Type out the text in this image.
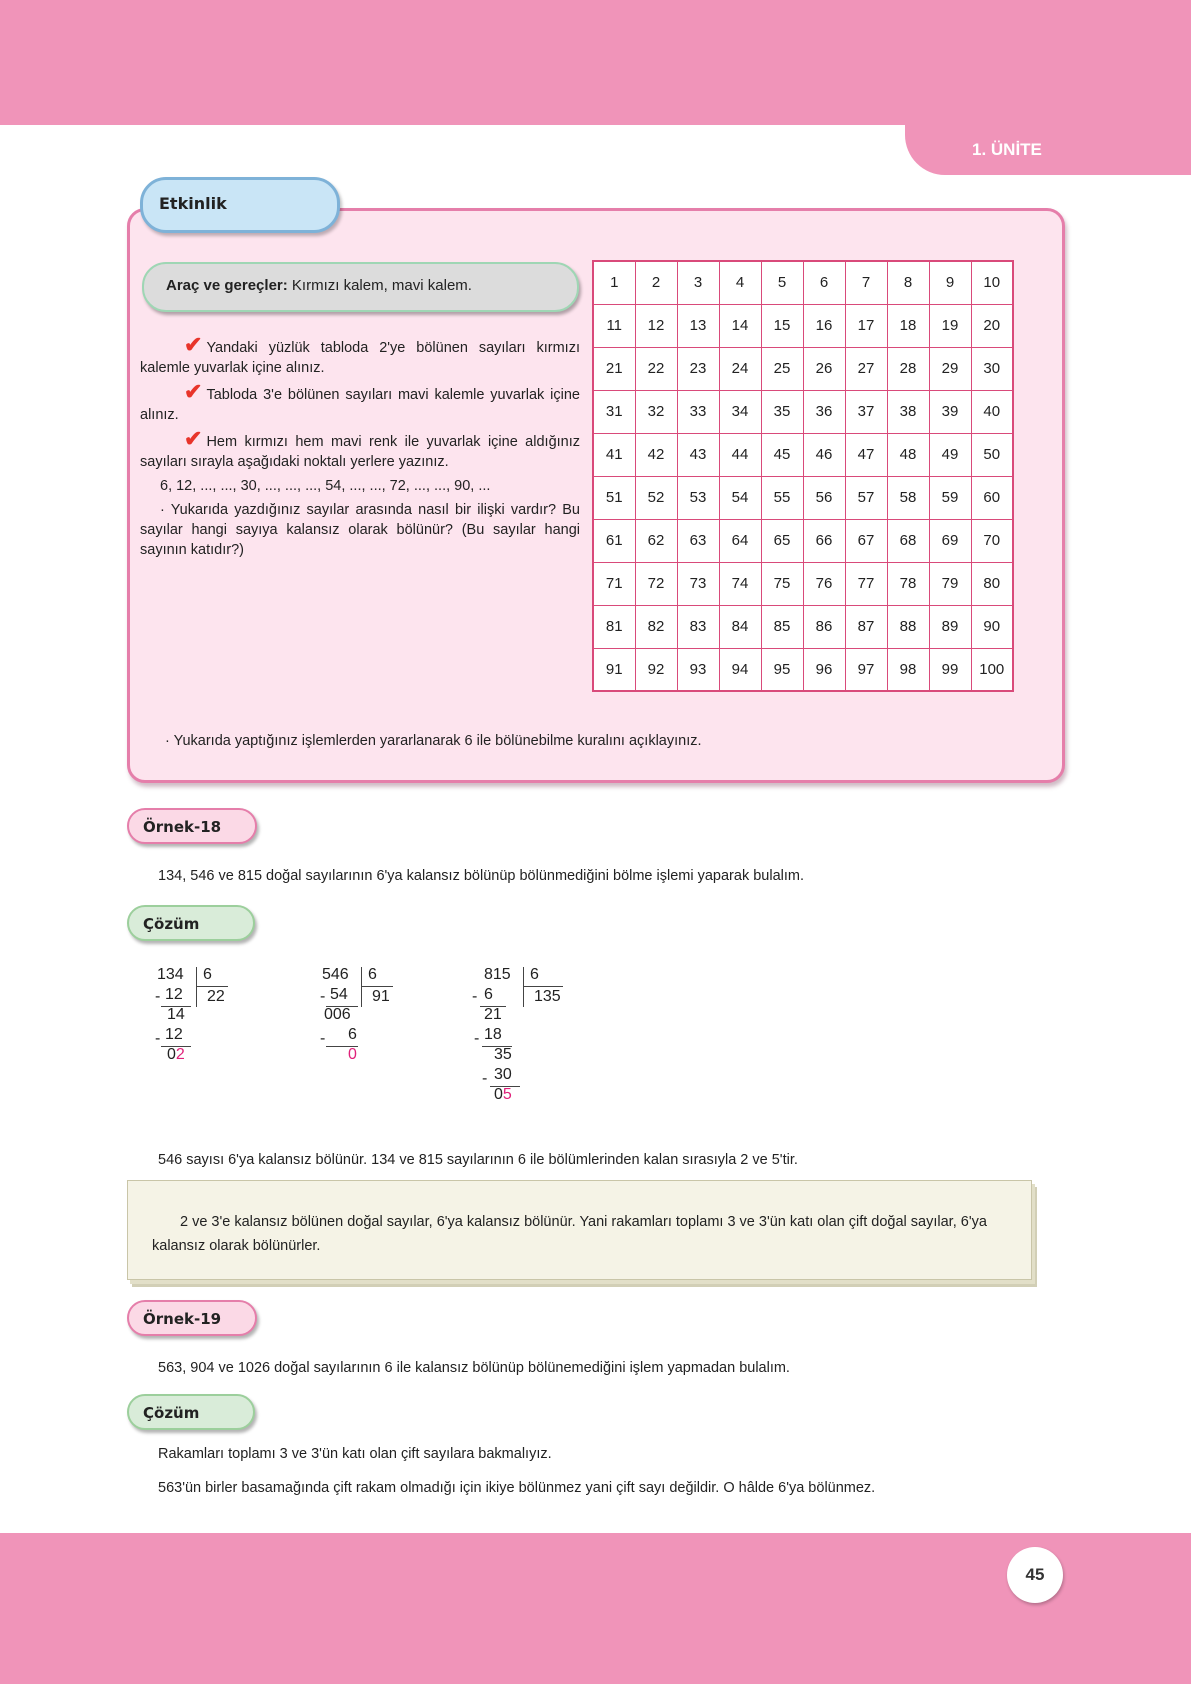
1. ÜNİTE
Etkinlik
Araç ve gereçler: Kırmızı kalem, mavi kalem.

✔ Yandaki yüzlük tabloda 2'ye bölünen sayıları kırmızı kalemle yuvarlak içine alınız.

✔ Tabloda 3'e bölünen sayıları mavi kalemle yuvarlak içine alınız.

✔ Hem kırmızı hem mavi renk ile yuvarlak içine aldığınız sayıları sırayla aşağıdaki noktalı yerlere yazınız.

6, 12, ..., ..., 30, ..., ..., ..., 54, ..., ..., 72, ..., ..., 90, ...

· Yukarıda yazdığınız sayılar arasında nasıl bir ilişki vardır? Bu sayılar hangi sayıya kalansız olarak bölünür? (Bu sayılar hangi sayının katıdır?)

1	2	3	4	5	6	7	8	9	10
11	12	13	14	15	16	17	18	19	20
21	22	23	24	25	26	27	28	29	30
31	32	33	34	35	36	37	38	39	40
41	42	43	44	45	46	47	48	49	50
51	52	53	54	55	56	57	58	59	60
61	62	63	64	65	66	67	68	69	70
71	72	73	74	75	76	77	78	79	80
81	82	83	84	85	86	87	88	89	90
91	92	93	94	95	96	97	98	99	100
· Yukarıda yaptığınız işlemlerden yararlanarak 6 ile bölünebilme kuralını açıklayınız.
Örnek-18
134, 546 ve 815 doğal sayılarının 6'ya kalansız bölünüp bölünmediğini bölme işlemi yaparak bulalım.
Çözüm
134 6
22
- 12
14
12
-
02
546 6
91
- 54
006
6
-
0
815 6
135
- 6
21
18
-
35
30
-
05
546 sayısı 6'ya kalansız bölünür. 134 ve 815 sayılarının 6 ile bölümlerinden kalan sırasıyla 2 ve 5'tir.
2 ve 3'e kalansız bölünen doğal sayılar, 6'ya kalansız bölünür. Yani rakamları toplamı 3 ve 3'ün katı olan çift doğal sayılar, 6'ya kalansız olarak bölünürler.
Örnek-19
563, 904 ve 1026 doğal sayılarının 6 ile kalansız bölünüp bölünemediğini işlem yapmadan bulalım.
Çözüm
Rakamları toplamı 3 ve 3'ün katı olan çift sayılara bakmalıyız.
563'ün birler basamağında çift rakam olmadığı için ikiye bölünmez yani çift sayı değildir. O hâlde 6'ya bölünmez.
45
